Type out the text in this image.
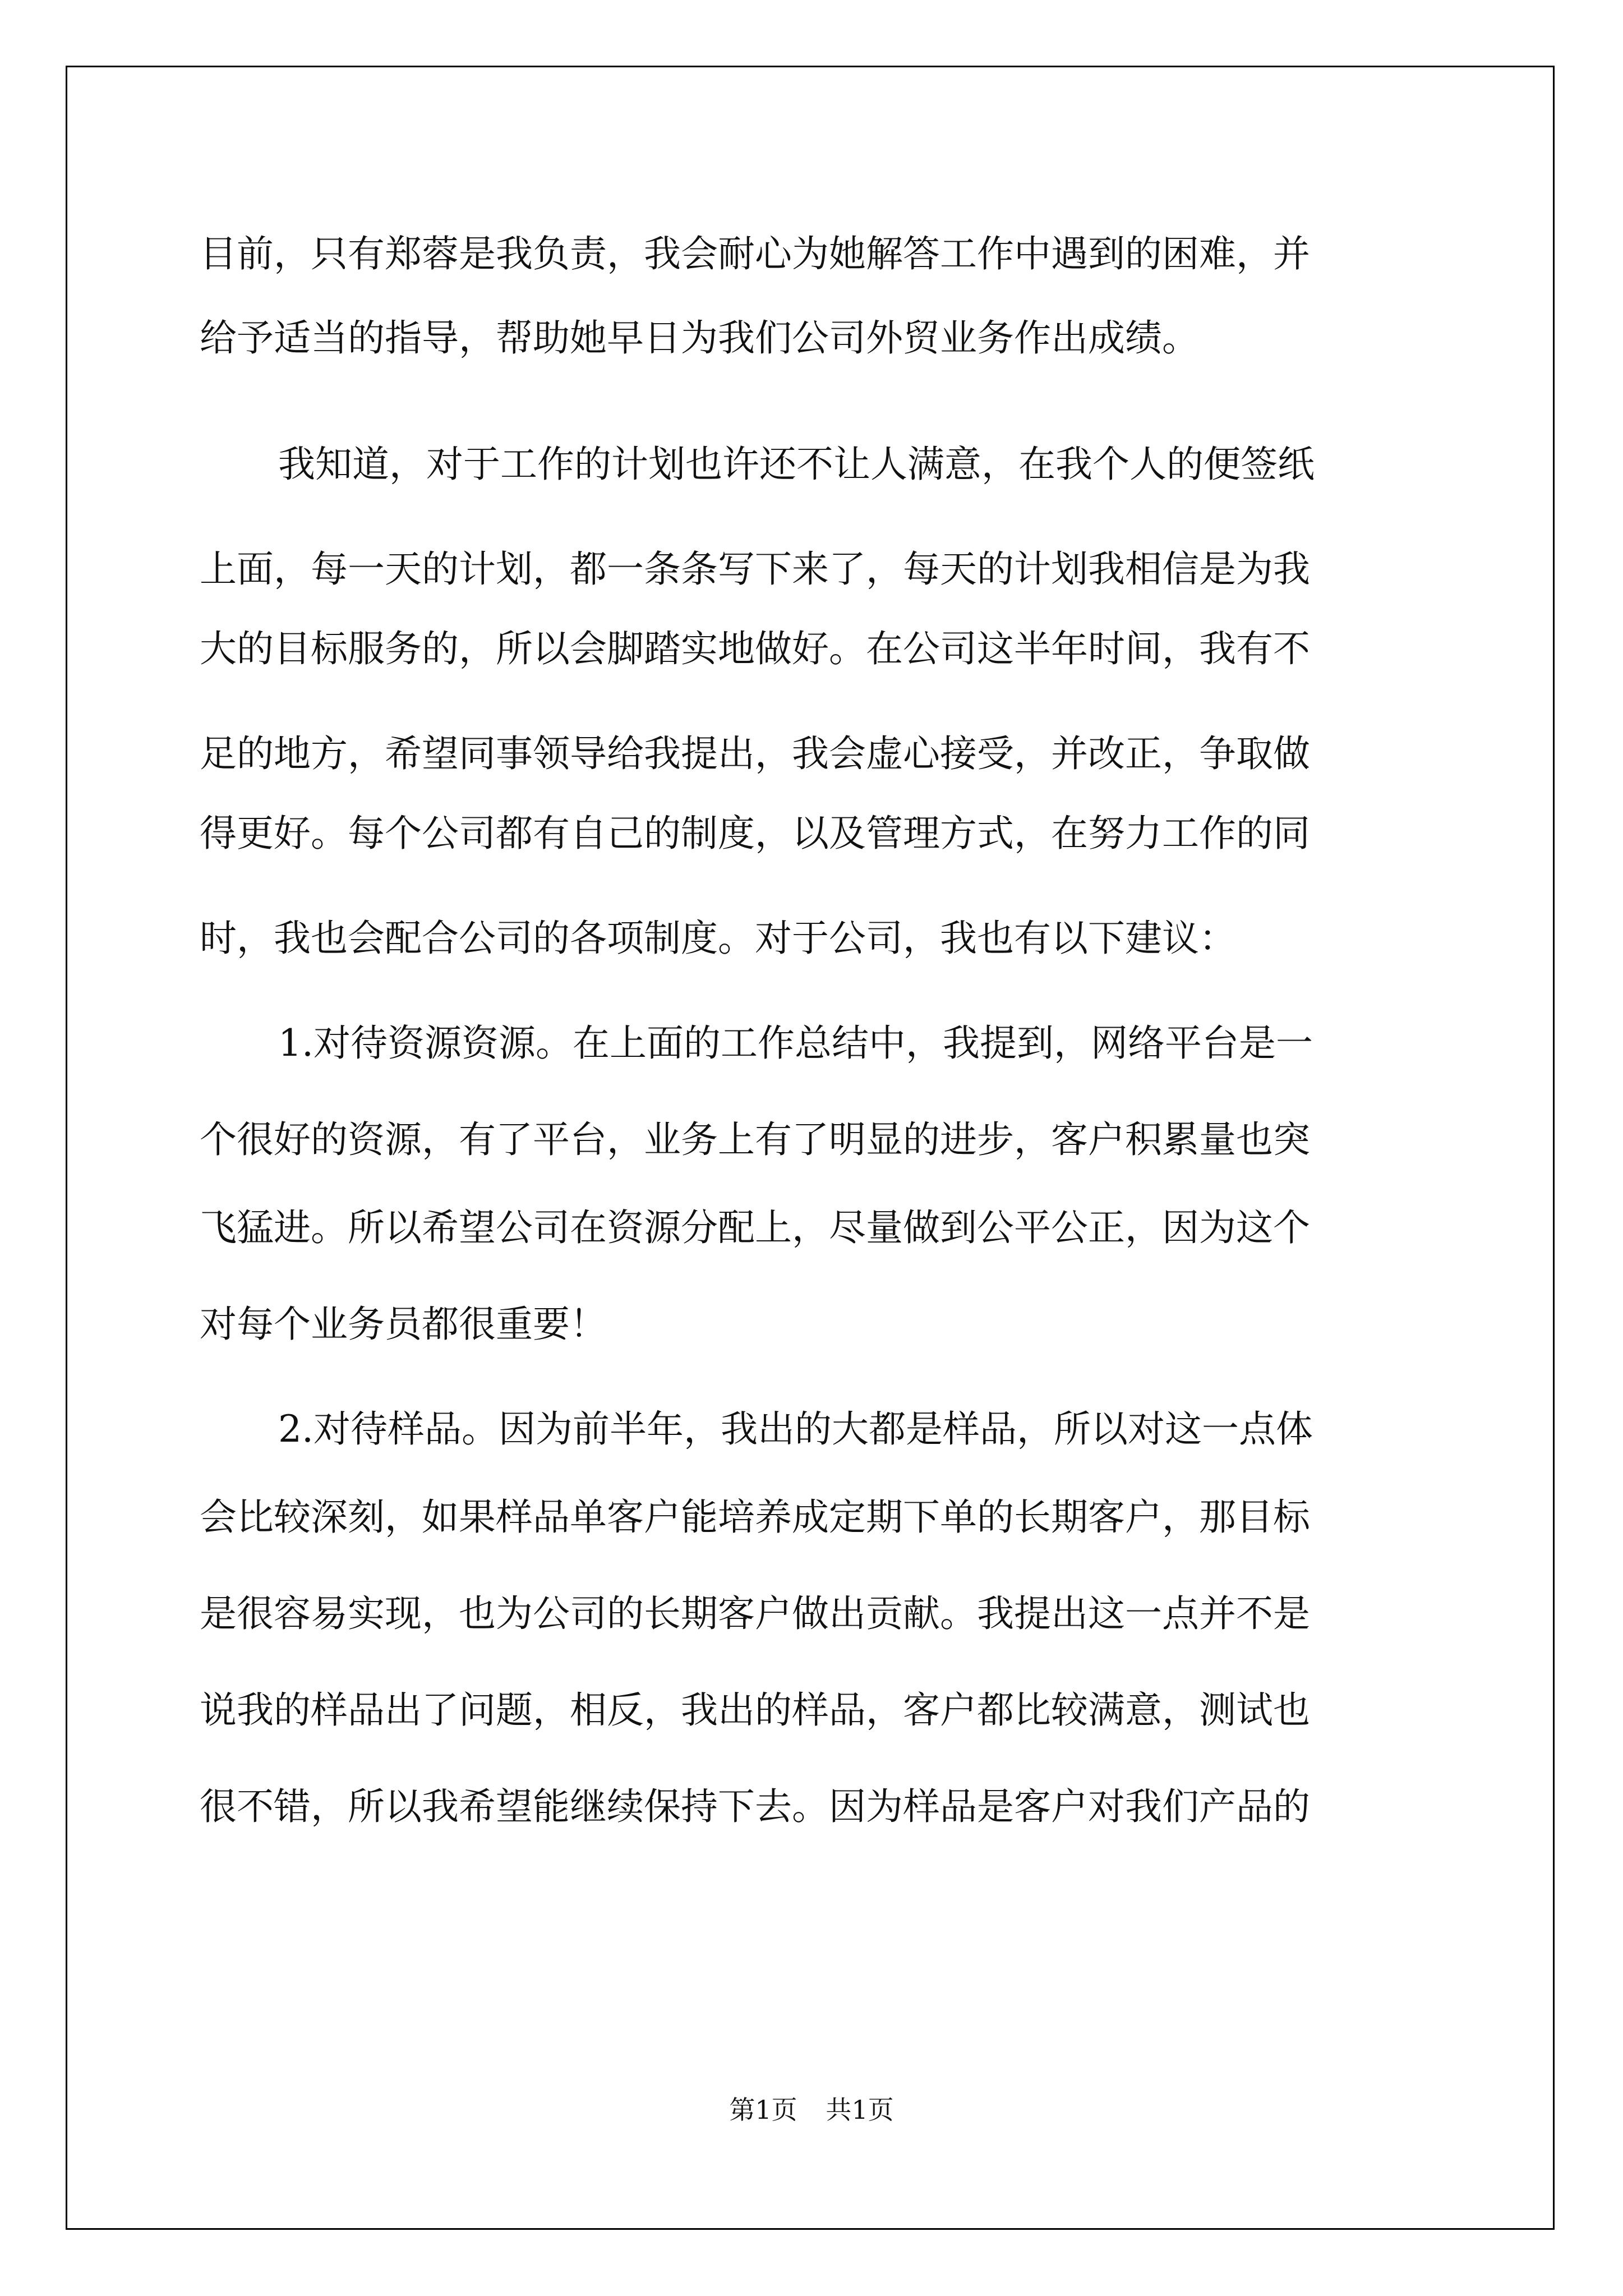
目前，只有郑蓉是我负责，我会耐心为她解答工作中遇到的困难，并
给予适当的指导，帮助她早日为我们公司外贸业务作出成绩。
我知道，对于工作的计划也许还不让人满意，在我个人的便签纸
上面，每一天的计划，都一条条写下来了，每天的计划我相信是为我
大的目标服务的，所以会脚踏实地做好。在公司这半年时间，我有不
足的地方，希望同事领导给我提出，我会虚心接受，并改正，争取做
得更好。每个公司都有自己的制度，以及管理方式，在努力工作的同
时，我也会配合公司的各项制度。对于公司，我也有以下建议：
1.对待资源资源。在上面的工作总结中，我提到，网络平台是一
个很好的资源，有了平台，业务上有了明显的进步，客户积累量也突
飞猛进。所以希望公司在资源分配上，尽量做到公平公正，因为这个
对每个业务员都很重要！
2.对待样品。因为前半年，我出的大都是样品，所以对这一点体
会比较深刻，如果样品单客户能培养成定期下单的长期客户，那目标
是很容易实现，也为公司的长期客户做出贡献。我提出这一点并不是
说我的样品出了问题，相反，我出的样品，客户都比较满意，测试也
很不错，所以我希望能继续保持下去。因为样品是客户对我们产品的
第1页 共1页
